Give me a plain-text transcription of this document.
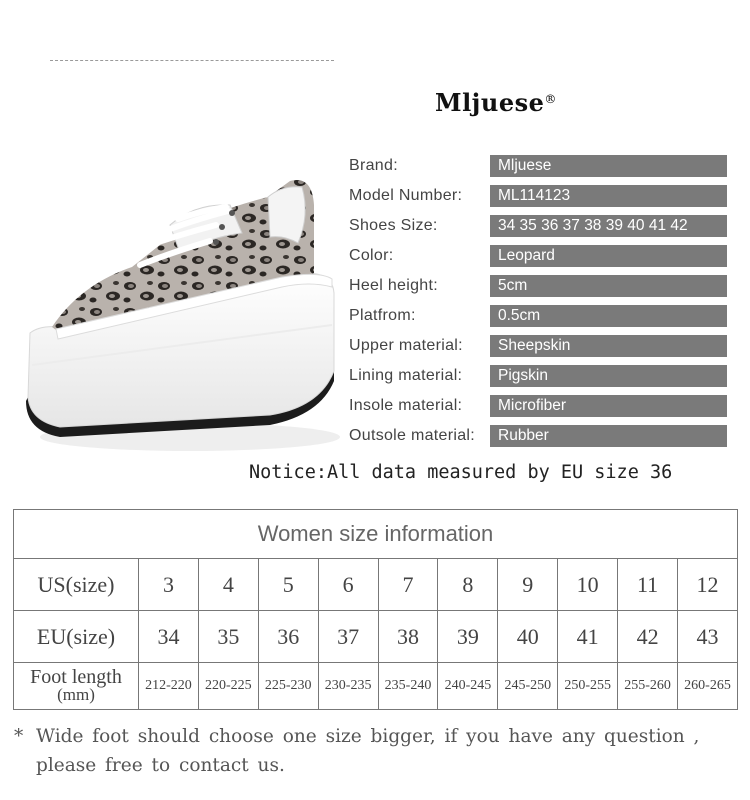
Mljuese®
Brand:	Mljuese
Model Number:	ML114123
Shoes Size:	34 35 36 37 38 39 40 41 42
Color:	Leopard
Heel height:	5cm
Platfrom:	0.5cm
Upper material:	Sheepskin
Lining material:	Pigskin
Insole material:	Microfiber
Outsole material:	Rubber
Notice:All data measured by EU size 36
Women size information										
US(size)	3	4	5	6	7	8	9	10	11	12
EU(size)	34	35	36	37	38	39	40	41	42	43
Foot length
(mm)	212-220	220-225	225-230	230-235	235-240	240-245	245-250	250-255	255-260	260-265
* Wide foot should choose one size bigger, if you have any question ,
please free to contact us.
